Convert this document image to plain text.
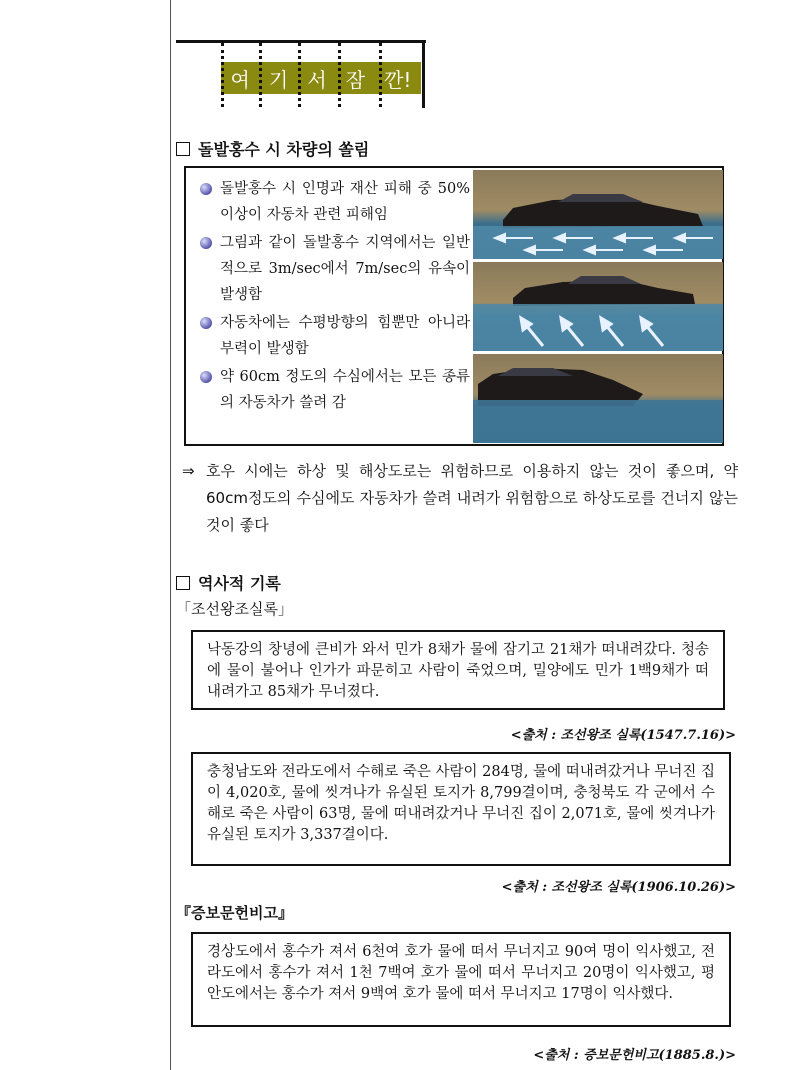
여 기 서 잠 깐!
돌발홍수 시 차량의 쏠림
돌발홍수 시 인명과 재산 피해 중 50% 이상이 자동차 관련 피해임
그림과 같이 돌발홍수 지역에서는 일반적으로 3m/sec에서 7m/sec의 유속이 발생함
자동차에는 수평방향의 힘뿐만 아니라 부력이 발생함
약 60cm 정도의 수심에서는 모든 종류의 자동차가 쓸려 감
⇒ 호우 시에는 하상 및 해상도로는 위험하므로 이용하지 않는 것이 좋으며, 약 60cm정도의 수심에도 자동차가 쓸려 내려가 위험함으로 하상도로를 건너지 않는 것이 좋다
역사적 기록
「조선왕조실록」
낙동강의 창녕에 큰비가 와서 민가 8채가 물에 잠기고 21채가 떠내려갔다. 청송에 물이 불어나 인가가 파문히고 사람이 죽었으며, 밀양에도 민가 1백9채가 떠내려가고 85채가 무너졌다.
<출처 : 조선왕조 실록(1547.7.16)>
충청남도와 전라도에서 수해로 죽은 사람이 284명, 물에 떠내려갔거나 무너진 집이 4,020호, 물에 씻겨나가 유실된 토지가 8,799결이며, 충청북도 각 군에서 수해로 죽은 사람이 63명, 물에 떠내려갔거나 무너진 집이 2,071호, 물에 씻겨나가 유실된 토지가 3,337결이다.
<출처 : 조선왕조 실록(1906.10.26)>
『증보문헌비고』
경상도에서 홍수가 져서 6천여 호가 물에 떠서 무너지고 90여 명이 익사했고, 전라도에서 홍수가 져서 1천 7백여 호가 물에 떠서 무너지고 20명이 익사했고, 평안도에서는 홍수가 져서 9백여 호가 물에 떠서 무너지고 17명이 익사했다.
<출처 : 증보문헌비고(1885.8.)>
